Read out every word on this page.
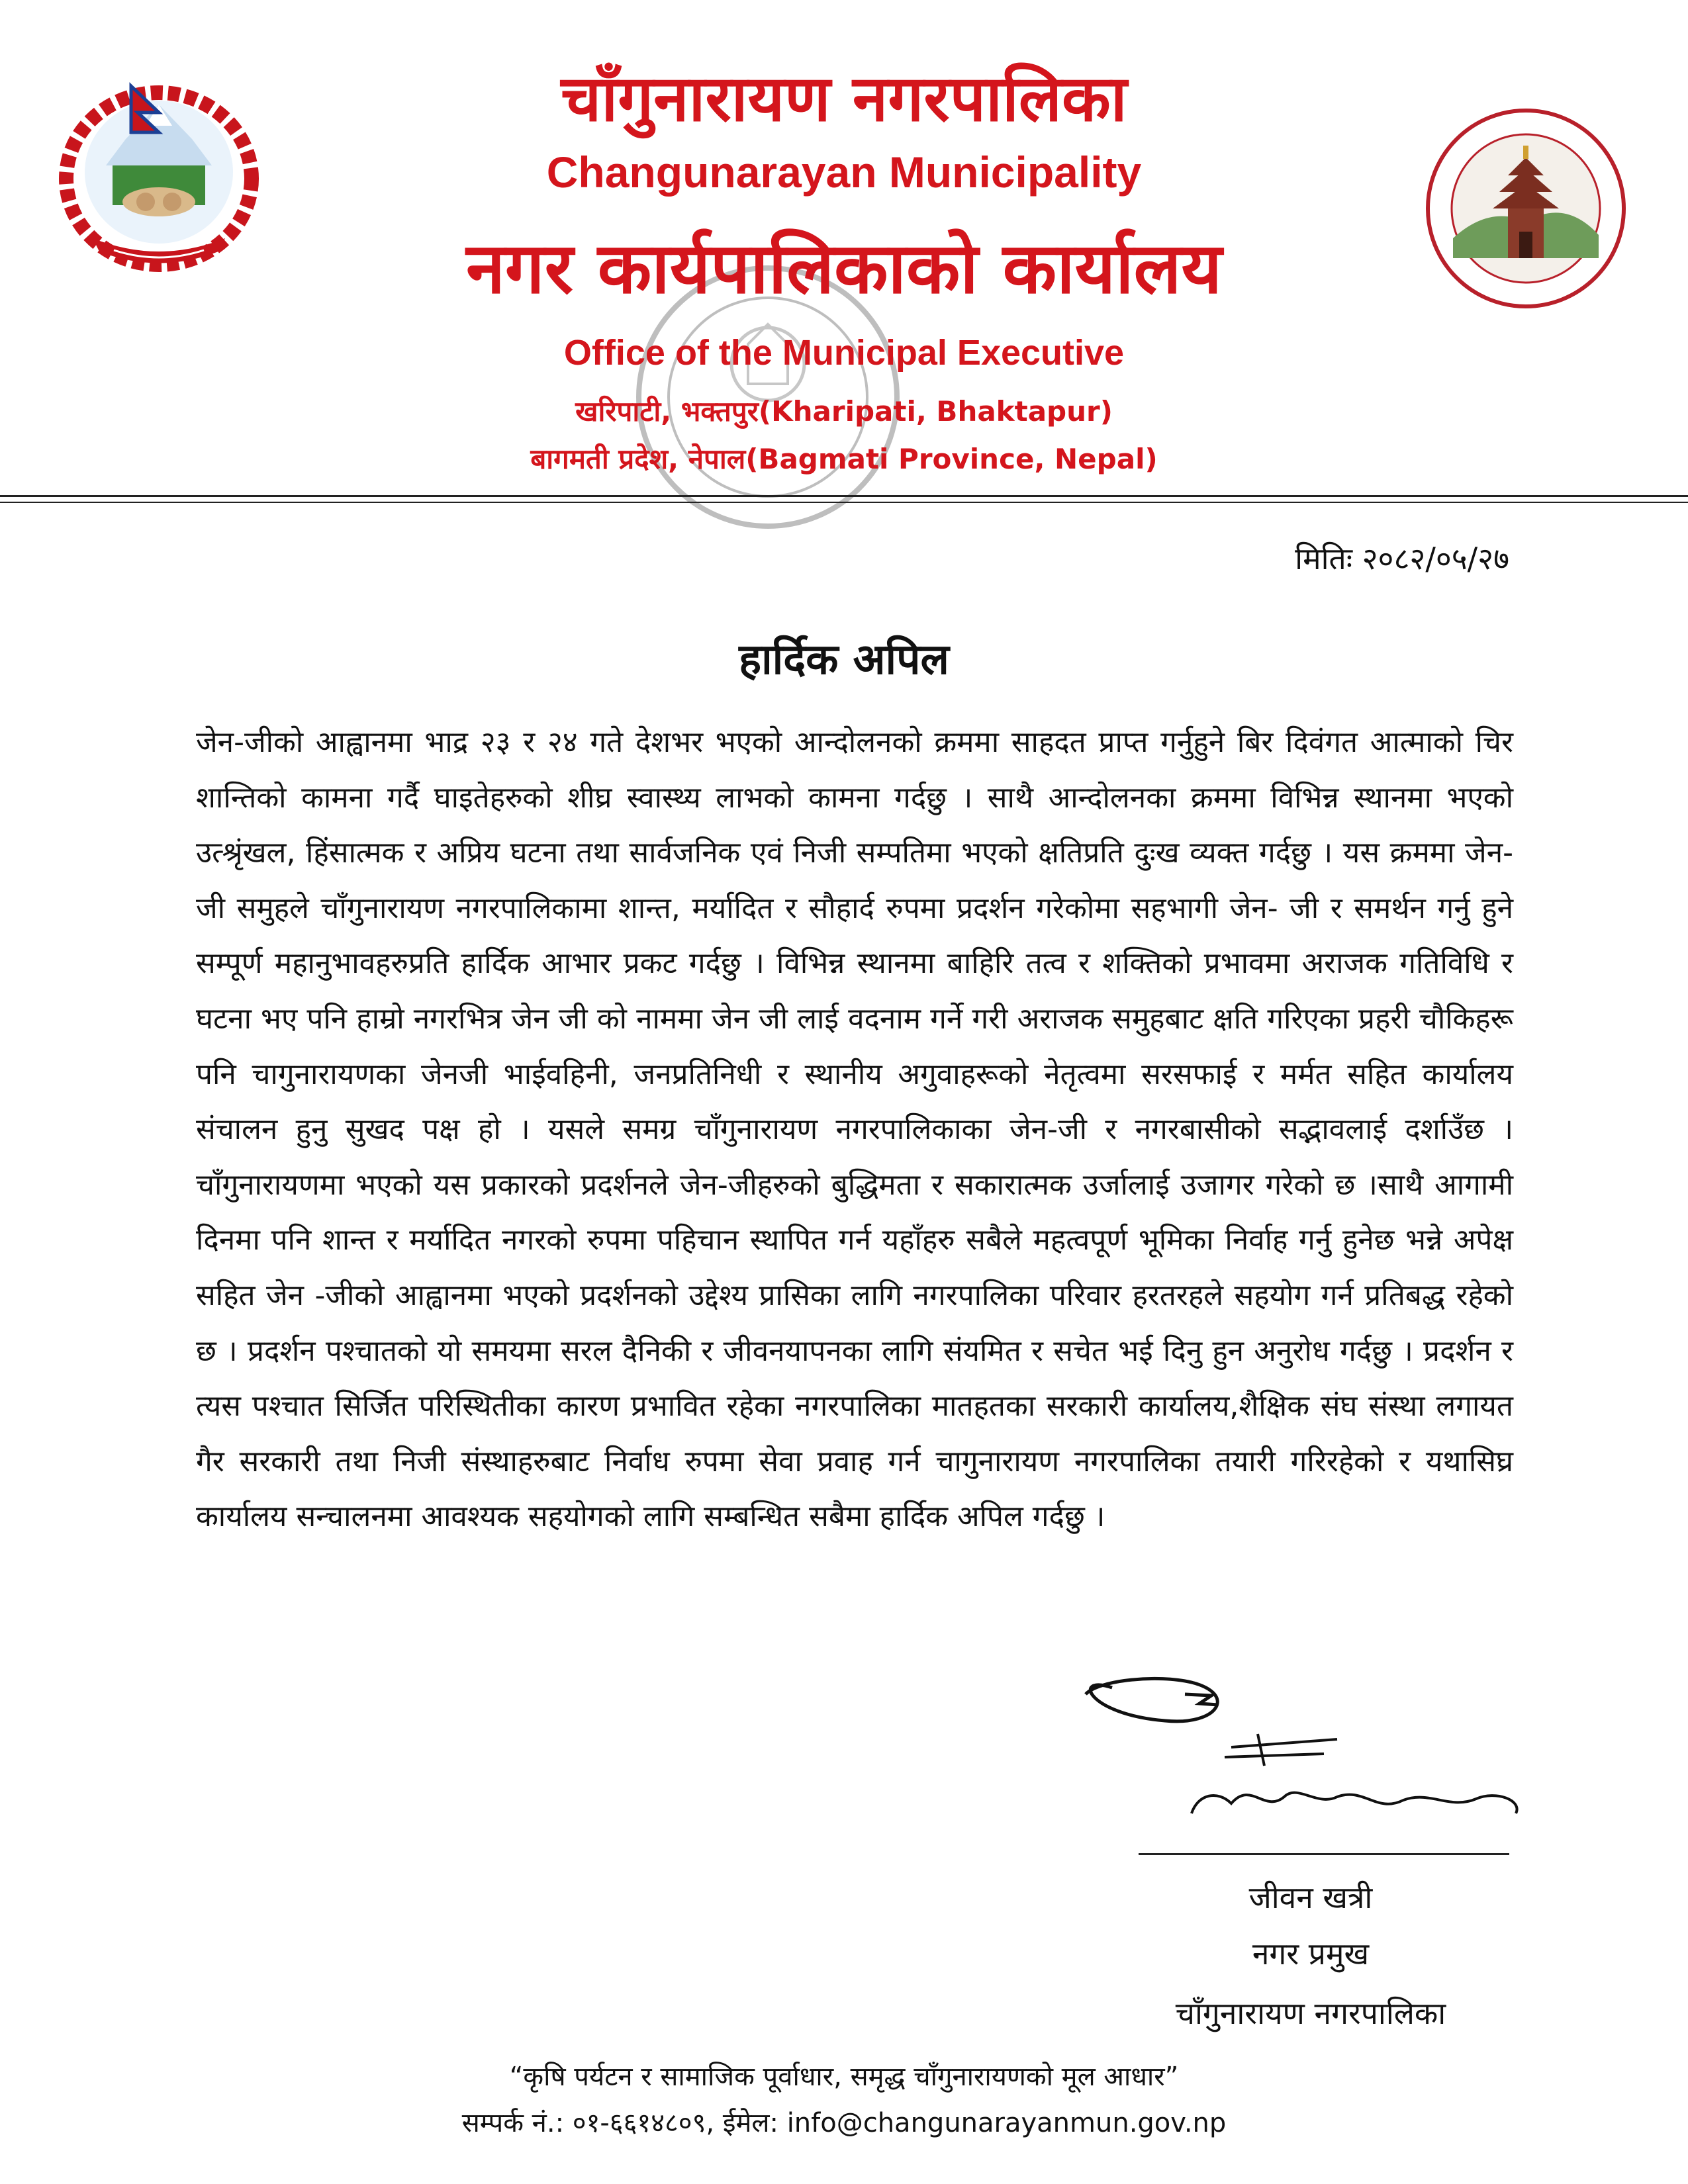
चाँगुनारायण नगरपालिका
Changunarayan Municipality
नगर कार्यपालिकाको कार्यालय
Office of the Municipal Executive
खरिपाटी, भक्तपुर(Kharipati, Bhaktapur)
बागमती प्रदेश, नेपाल(Bagmati Province, Nepal)
मितिः २०८२/०५/२७
हार्दिक अपिल
जेन-जीको आह्वानमा भाद्र २३ र २४ गते देशभर भएको आन्दोलनको क्रममा साहदत प्राप्त गर्नुहुने बिर दिवंगत आत्माको चिर शान्तिको कामना गर्दै घाइतेहरुको शीघ्र स्वास्थ्य लाभको कामना गर्दछु । साथै आन्दोलनका क्रममा विभिन्न स्थानमा भएको उत्श्रृंखल, हिंसात्मक र अप्रिय घटना तथा सार्वजनिक एवं निजी सम्पतिमा भएको क्षतिप्रति दुःख व्यक्त गर्दछु । यस क्रममा जेन-जी समुहले चाँगुनारायण नगरपालिकामा शान्त, मर्यादित र सौहार्द रुपमा प्रदर्शन गरेकोमा सहभागी जेन- जी र समर्थन गर्नु हुने सम्पूर्ण महानुभावहरुप्रति हार्दिक आभार प्रकट गर्दछु । विभिन्न स्थानमा बाहिरि तत्व र शक्तिको प्रभावमा अराजक गतिविधि र घटना भए पनि हाम्रो नगरभित्र जेन जी को नाममा जेन जी लाई वदनाम गर्ने गरी अराजक समुहबाट क्षति गरिएका प्रहरी चौकिहरू पनि चागुनारायणका जेनजी भाईवहिनी, जनप्रतिनिधी र स्थानीय अगुवाहरूको नेतृत्वमा सरसफाई र मर्मत सहित कार्यालय संचालन हुनु सुखद पक्ष हो । यसले समग्र चाँगुनारायण नगरपालिकाका जेन-जी र नगरबासीको सद्भावलाई दर्शाउँछ । चाँगुनारायणमा भएको यस प्रकारको प्रदर्शनले जेन-जीहरुको बुद्धिमता र सकारात्मक उर्जालाई उजागर गरेको छ ।साथै आगामी दिनमा पनि शान्त र मर्यादित नगरको रुपमा पहिचान स्थापित गर्न यहाँहरु सबैले महत्वपूर्ण भूमिका निर्वाह गर्नु हुनेछ भन्ने अपेक्ष सहित जेन -जीको आह्वानमा भएको प्रदर्शनको उद्देश्य प्रासिका लागि नगरपालिका परिवार हरतरहले सहयोग गर्न प्रतिबद्ध रहेको छ । प्रदर्शन पश्चातको यो समयमा सरल दैनिकी र जीवनयापनका लागि संयमित र सचेत भई दिनु हुन अनुरोध गर्दछु । प्रदर्शन र त्यस पश्चात सिर्जित परिस्थितीका कारण प्रभावित रहेका नगरपालिका मातहतका सरकारी कार्यालय,शैक्षिक संघ संस्था लगायत गैर सरकारी तथा निजी संस्थाहरुबाट निर्वाध रुपमा सेवा प्रवाह गर्न चागुनारायण नगरपालिका तयारी गरिरहेको र यथासिघ्र कार्यालय सन्चालनमा आवश्यक सहयोगको लागि सम्बन्धित सबैमा हार्दिक अपिल गर्दछु ।
जीवन खत्री
नगर प्रमुख
चाँगुनारायण नगरपालिका
“कृषि पर्यटन र सामाजिक पूर्वाधार, समृद्ध चाँगुनारायणको मूल आधार”
सम्पर्क नं.: ०१-६६१४८०९, ईमेल: info@changunarayanmun.gov.np
